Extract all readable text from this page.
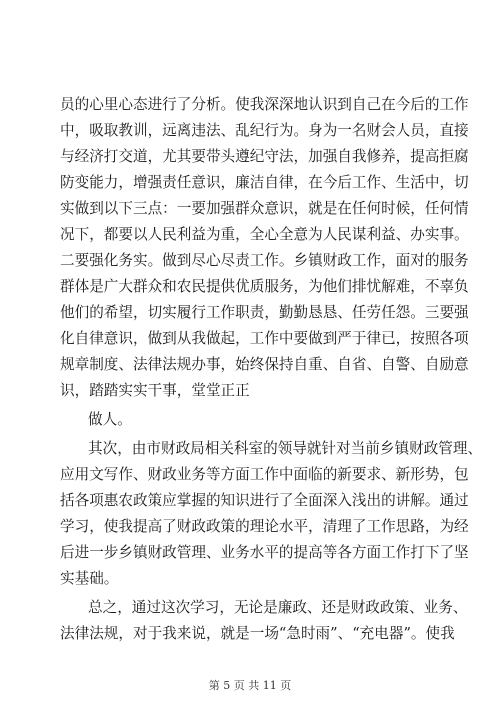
员的心里心态进行了分析。使我深深地认识到自己在今后的工作
中，吸取教训，远离违法、乱纪行为。身为一名财会人员，直接
与经济打交道，尤其要带头遵纪守法，加强自我修养，提高拒腐
防变能力，增强责任意识，廉洁自律，在今后工作、生活中，切
实做到以下三点：一要加强群众意识，就是在任何时候，任何情
况下，都要以人民利益为重，全心全意为人民谋利益、办实事。
二要强化务实。做到尽心尽责工作。乡镇财政工作，面对的服务
群体是广大群众和农民提供优质服务，为他们排忧解难，不辜负
他们的希望，切实履行工作职责，勤勤恳恳、任劳任怨。三要强
化自律意识，做到从我做起，工作中要做到严于律已，按照各项
规章制度、法律法规办事，始终保持自重、自省、自警、自励意
识，踏踏实实干事，堂堂正正
做人。
其次，由市财政局相关科室的领导就针对当前乡镇财政管理、
应用文写作、财政业务等方面工作中面临的新要求、新形势，包
括各项惠农政策应掌握的知识进行了全面深入浅出的讲解。通过
学习，使我提高了财政政策的理论水平，清理了工作思路，为经
后进一步乡镇财政管理、业务水平的提高等各方面工作打下了坚
实基础。
总之，通过这次学习，无论是廉政、还是财政政策、业务、
法律法规，对于我来说，就是一场“急时雨”、“充电器”。使我
第 5 页 共 11 页
